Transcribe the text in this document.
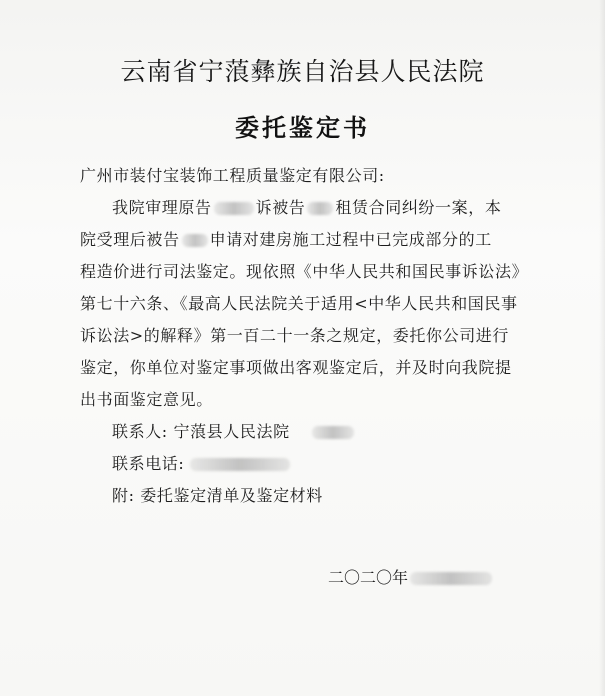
云南省宁蒗彝族自治县人民法院
委托鉴定书
广州市装付宝装饰工程质量鉴定有限公司:
我院审理原告	诉被告 租赁合同纠纷一案，本
院受理后被告 申请对建房施工过程中已完成部分的工
程造价进行司法鉴定。现依照《中华人民共和国民事诉讼法》
第七十六条、《最高人民法院关于适用<中华人民共和国民事
诉讼法>的解释》第一百二十一条之规定，委托你公司进行
鉴定，你单位对鉴定事项做出客观鉴定后，并及时向我院提
出书面鉴定意见。
联系人: 宁蒗县人民法院
联系电话:
附: 委托鉴定清单及鉴定材料
二〇二〇年
